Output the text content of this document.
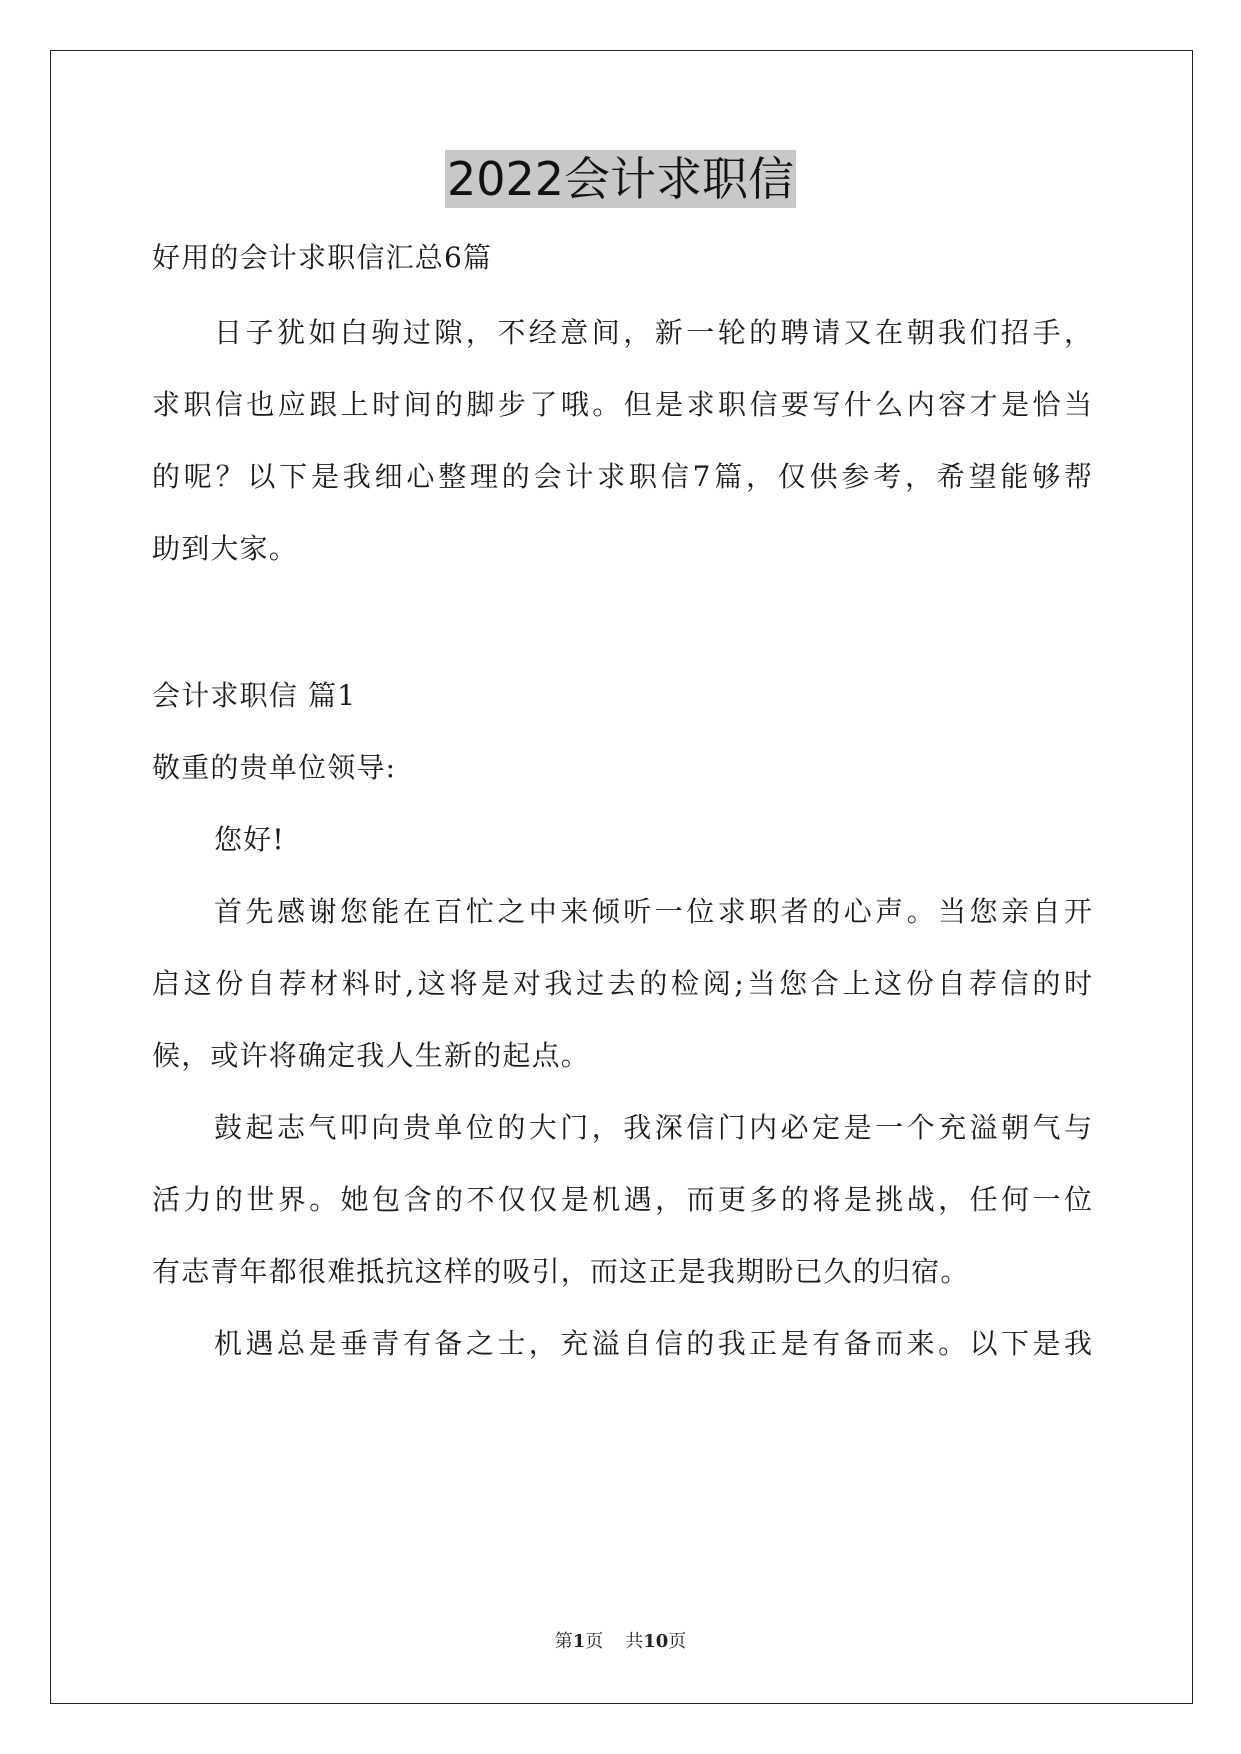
2022会计求职信
好用的会计求职信汇总6篇
日子犹如白驹过隙，不经意间，新一轮的聘请又在朝我们招手，
求职信也应跟上时间的脚步了哦。但是求职信要写什么内容才是恰当
的呢？以下是我细心整理的会计求职信7篇，仅供参考，希望能够帮
助到大家。
会计求职信 篇1
敬重的贵单位领导:
您好!
首先感谢您能在百忙之中来倾听一位求职者的心声。当您亲自开
启这份自荐材料时,这将是对我过去的检阅;当您合上这份自荐信的时
候，或许将确定我人生新的起点。
鼓起志气叩向贵单位的大门，我深信门内必定是一个充溢朝气与
活力的世界。她包含的不仅仅是机遇，而更多的将是挑战，任何一位
有志青年都很难抵抗这样的吸引，而这正是我期盼已久的归宿。
机遇总是垂青有备之士，充溢自信的我正是有备而来。以下是我
第1页 共10页
